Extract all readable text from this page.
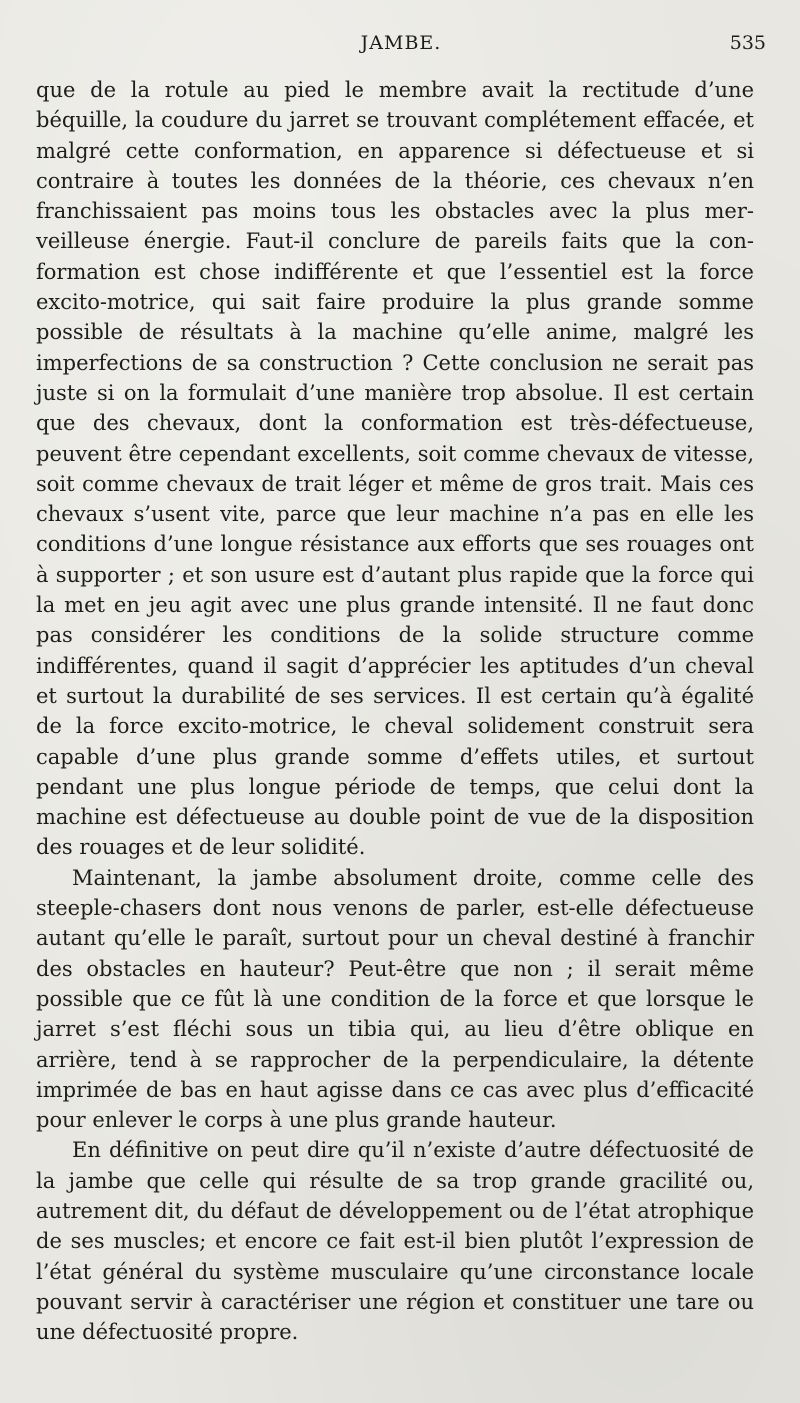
JAMBE.	535

que de la rotule au pied le membre avait la rectitude d’une béquille, la coudure du jarret se trouvant complétement effacée, et malgré cette conformation, en apparence si défectueuse et si contraire à toutes les données de la théorie, ces chevaux n’en franchissaient pas moins tous les obstacles avec la plus merveilleuse énergie. Faut-il conclure de pareils faits que la conformation est chose indifférente et que l’essentiel est la force excito-motrice, qui sait faire produire la plus grande somme possible de résultats à la machine qu’elle anime, malgré les imperfections de sa construction ? Cette conclusion ne serait pas juste si on la formulait d’une manière trop absolue. Il est certain que des chevaux, dont la conformation est très-défectueuse, peuvent être cependant excellents, soit comme chevaux de vitesse, soit comme chevaux de trait léger et même de gros trait. Mais ces chevaux s’usent vite, parce que leur machine n’a pas en elle les conditions d’une longue résistance aux efforts que ses rouages ont à supporter ; et son usure est d’autant plus rapide que la force qui la met en jeu agit avec une plus grande intensité. Il ne faut donc pas considérer les conditions de la solide structure comme indifférentes, quand il sagit d’apprécier les aptitudes d’un cheval et surtout la durabilité de ses services. Il est certain qu’à égalité de la force excito-motrice, le cheval solidement construit sera capable d’une plus grande somme d’effets utiles, et surtout pendant une plus longue période de temps, que celui dont la machine est défectueuse au double point de vue de la disposition des rouages et de leur solidité.

Maintenant, la jambe absolument droite, comme celle des steeple-chasers dont nous venons de parler, est-elle défectueuse autant qu’elle le paraît, surtout pour un cheval destiné à franchir des obstacles en hauteur? Peut-être que non ; il serait même possible que ce fût là une condition de la force et que lorsque le jarret s’est fléchi sous un tibia qui, au lieu d’être oblique en arrière, tend à se rapprocher de la perpendiculaire, la détente imprimée de bas en haut agisse dans ce cas avec plus d’efficacité pour enlever le corps à une plus grande hauteur.

En définitive on peut dire qu’il n’existe d’autre défectuosité de la jambe que celle qui résulte de sa trop grande gracilité ou, autrement dit, du défaut de développement ou de l’état atrophique de ses muscles; et encore ce fait est-il bien plutôt l’expression de l’état général du système musculaire qu’une circonstance locale pouvant servir à caractériser une région et constituer une tare ou une défectuosité propre.
